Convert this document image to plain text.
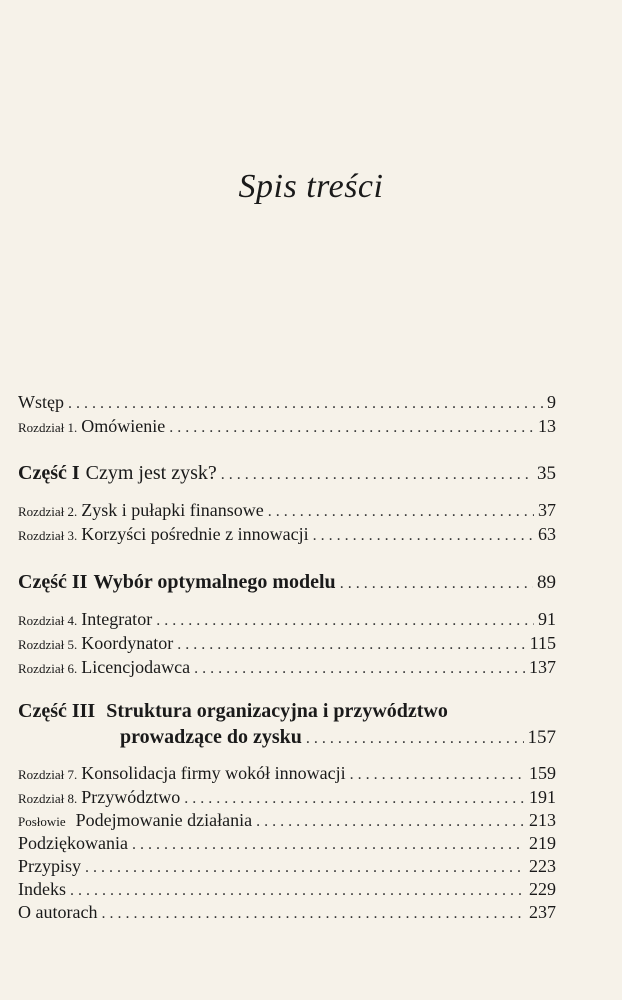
Spis treści
Wstęp . . .	9
Rozdział 1. Omówienie . . .	13
Część I Czym jest zysk? . . .	35
Rozdział 2. Zysk i pułapki finansowe . . .	37
Rozdział 3. Korzyści pośrednie z innowacji . . .	63
Część II Wybór optymalnego modelu . . .	89
Rozdział 4. Integrator . . .	91
Rozdział 5. Koordynator . . .	115
Rozdział 6. Licencjodawca . . .	137
Część III Struktura organizacyjna i przywództwo
prowadzące do zysku . . .	157
Rozdział 7. Konsolidacja firmy wokół innowacji . . .	159
Rozdział 8. Przywództwo . . .	191
Posłowie Podejmowanie działania . . .	213
Podziękowania . . .	219
Przypisy . . .	223
Indeks . . .	229
O autorach . . .	237
